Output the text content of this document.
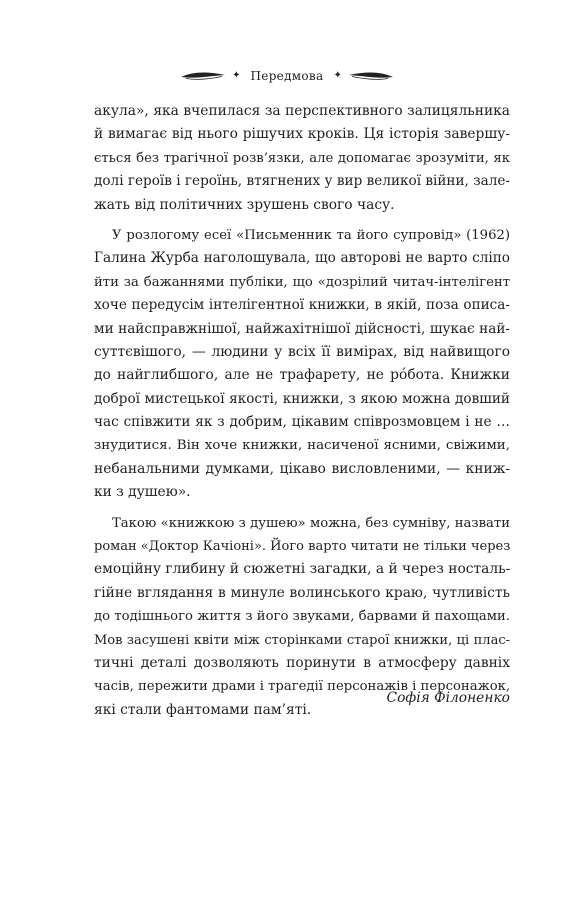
✦ Передмова ✦
акула», яка вчепилася за перспективного залицяльника
й вимагає від нього рішучих кроків. Ця історія завершу-
ється без трагічної розв’язки, але допомагає зрозуміти, як
долі героїв і героїнь, втягнених у вир великої війни, зале-
жать від політичних зрушень свого часу.
У розлогому есеї «Письменник та його супровід» (1962)
Галина Журба наголошувала, що авторові не варто сліпо
йти за бажаннями публіки, що «дозрілий читач-інтелігент
хоче передусім інтелігентної книжки, в якій, поза описа-
ми найсправжнішої, найжахітнішої дійсності, шукає най-
суттєвішого, — людини у всіх її вимірах, від найвищого
до найглибшого, але не трафарету, не рóбота. Книжки
доброї мистецької якості, книжки, з якою можна довший
час співжити як з добрим, цікавим співрозмовцем і не …
знудитися. Він хоче книжки, насиченої ясними, свіжими,
небанальними думками, цікаво висловленими, — книж-
ки з душею».
Такою «книжкою з душею» можна, без сумніву, назвати
роман «Доктор Качіоні». Його варто читати не тільки через
емоційну глибину й сюжетні загадки, а й через носталь-
гійне вглядання в минуле волинського краю, чутливість
до тодішнього життя з його звуками, барвами й пахощами.
Мов засушені квіти між сторінками старої книжки, ці плас-
тичні деталі дозволяють поринути в атмосферу давніх
часів, пережити драми і трагедії персонажів і персонажок,
які стали фантомами пам’яті.
Софія Філоненко
